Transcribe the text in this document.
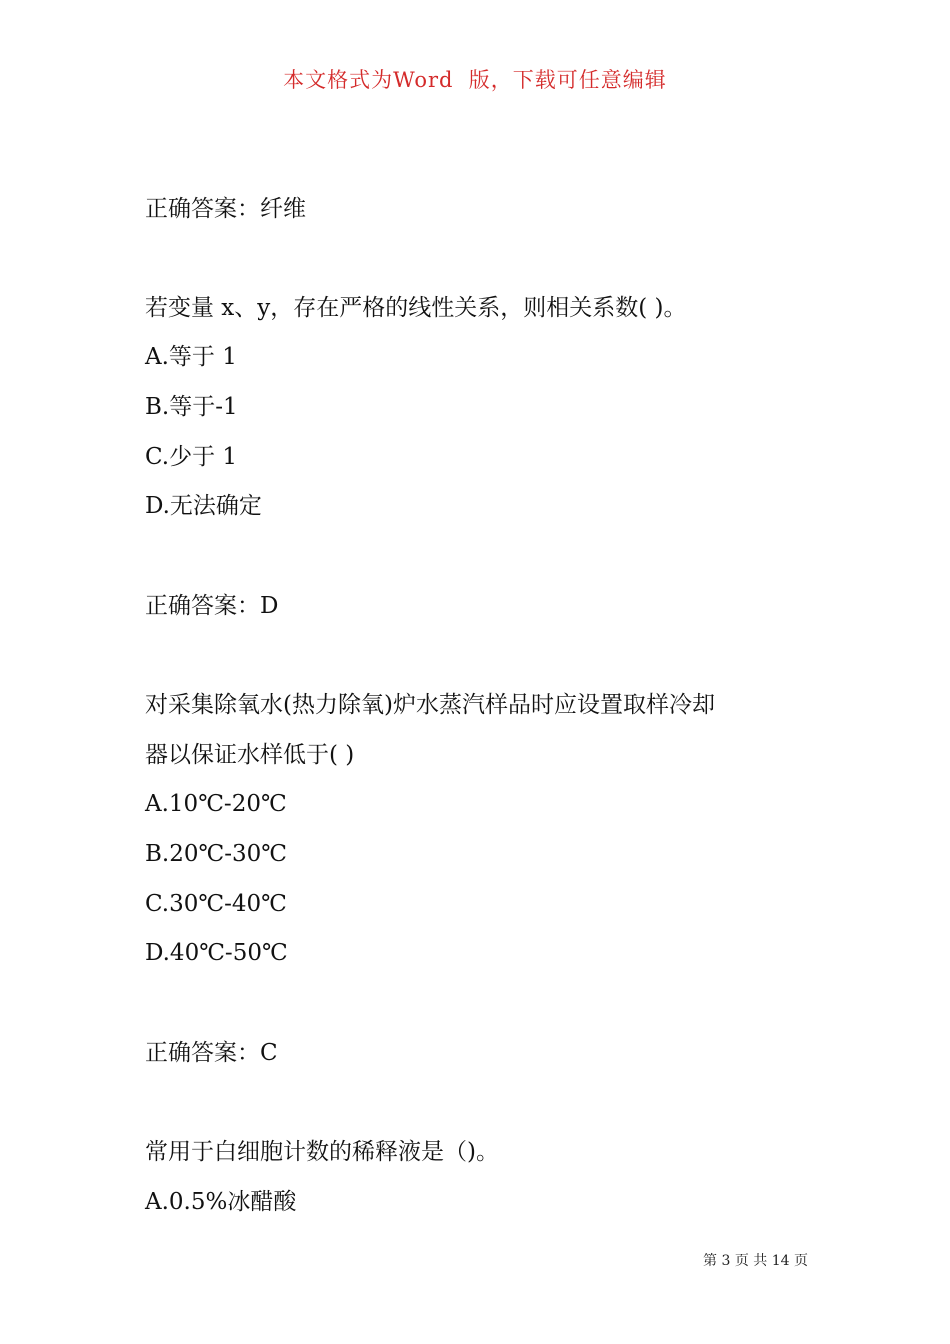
本文格式为Word  版，下载可任意编辑
正确答案：纤维
若变量 x、y，存在严格的线性关系，则相关系数( )。
A.等于 1
B.等于-1
C.少于 1
D.无法确定
正确答案：D
对采集除氧水(热力除氧)炉水蒸汽样品时应设置取样冷却
器以保证水样低于( )
A.10℃-20℃
B.20℃-30℃
C.30℃-40℃
D.40℃-50℃
正确答案：C
常用于白细胞计数的稀释液是（)。
A.0.5%冰醋酸
第 3 页 共 14 页
